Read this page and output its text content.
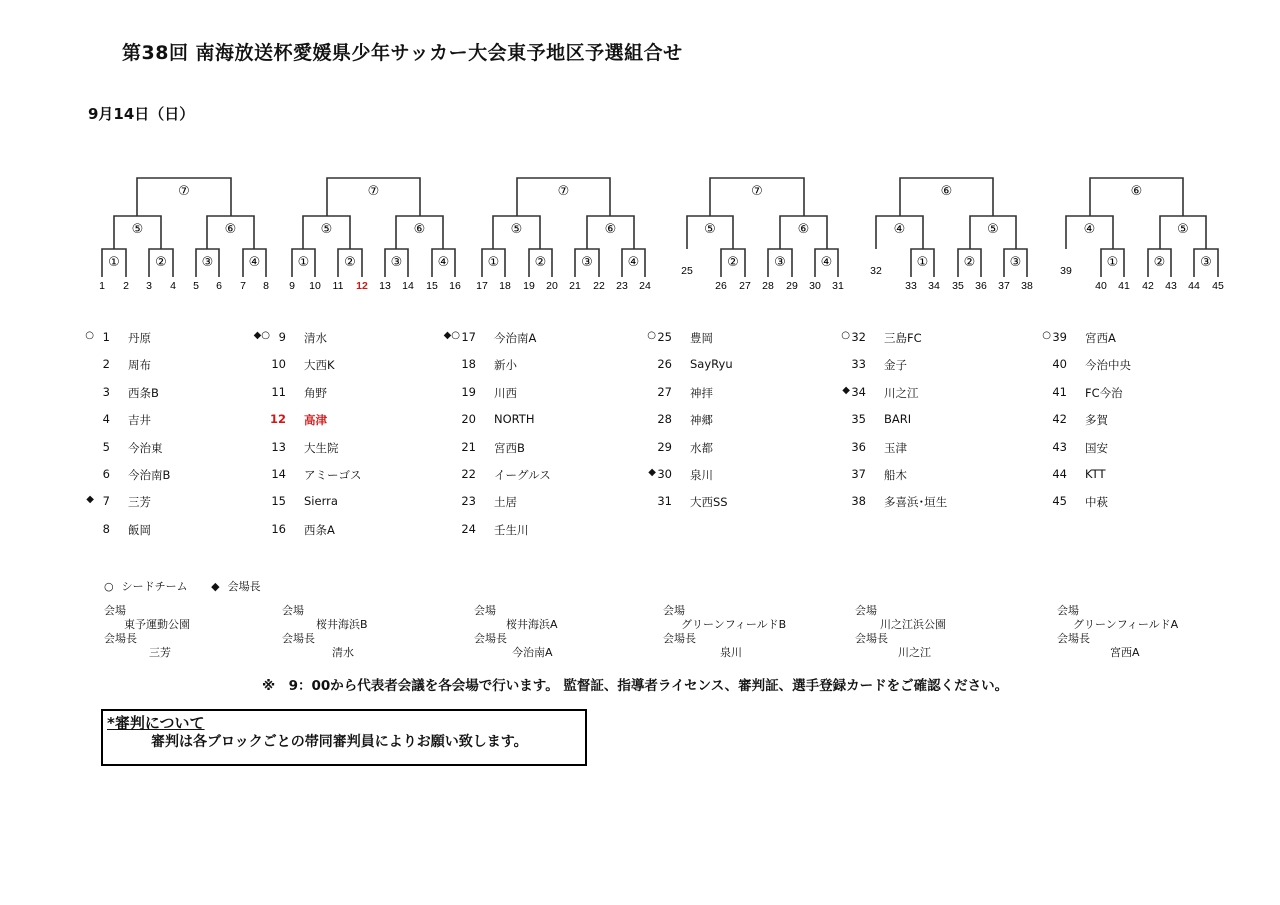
第38回 南海放送杯愛媛県少年サッカー大会東予地区予選組合せ
9月14日（日）
①	②	③	④
⑤	⑥
⑦
1 2 3 4 5 6 7 8
①	②	③	④
⑤	⑥
⑦
9 10 11 12 13 14 15 16
①	②	③	④
⑤	⑥
⑦
17 18 19 20 21 22 23 24
②	③	④
⑤	⑥
⑦
25
26 27 28 29 30 31
①	②	③
④	⑤
⑥
32
33 34 35 36 37 38
①	②	③
④	⑤
⑥
39
40 41 42 43 44 45
○ 1 丹原
2 周布
3 西条B
4 吉井
5 今治東
6 今治南B
◆ 7 三芳
8 飯岡
◆○ 9 清水
10 大西K
11 角野
12 高津
13 大生院
14 アミーゴス
15 Sierra
16 西条A
◆○ 17 今治南A
18 新小
19 川西
20 NORTH
21 宮西B
22 イーグルス
23 土居
24 壬生川
○ 25 豊岡
26 SayRyu
27 神拝
28 神郷
29 水都
◆ 30 泉川
31 大西SS
○ 32 三島FC
33 金子
◆ 34 川之江
35 BARI
36 玉津
37 船木
38 多喜浜･垣生
○ 39 宮西A
40 今治中央
41 FC今治
42 多賀
43 国安
44 KTT
45 中萩
○ シードチーム ◆ 会場長
会場
東予運動公園
会場長
三芳
会場
桜井海浜B
会場長
清水
会場
桜井海浜A
会場長
今治南A
会場
グリーンフィールドB
会場長
泉川
会場
川之江浜公園
会場長
川之江
会場
グリーンフィールドA
会場長
宮西A
※　9：00から代表者会議を各会場で行います。 監督証、指導者ライセンス、審判証、選手登録カードをご確認ください。
*審判について
審判は各ブロックごとの帯同審判員によりお願い致します。
